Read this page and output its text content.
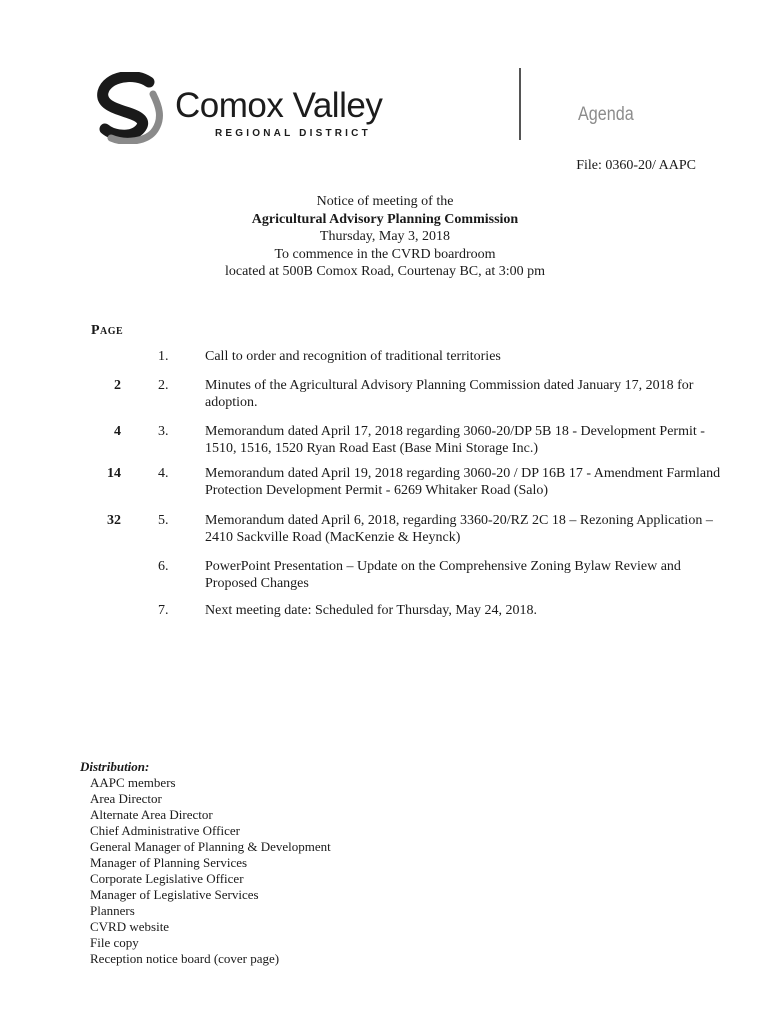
Comox Valley
REGIONAL DISTRICT
Agenda
File: 0360-20/ AAPC
Notice of meeting of the
Agricultural Advisory Planning Commission
Thursday, May 3, 2018
To commence in the CVRD boardroom
located at 500B Comox Road, Courtenay BC, at 3:00 pm
Page
1.	Call to order and recognition of traditional territories
2	2.	Minutes of the Agricultural Advisory Planning Commission dated January 17, 2018 for adoption.
4	3.	Memorandum dated April 17, 2018 regarding 3060-20/DP 5B 18 - Development Permit - 1510, 1516, 1520 Ryan Road East (Base Mini Storage Inc.)
14	4.	Memorandum dated April 19, 2018 regarding 3060-20 / DP 16B 17 - Amendment Farmland Protection Development Permit - 6269 Whitaker Road (Salo)
32	5.	Memorandum dated April 6, 2018, regarding 3360-20/RZ 2C 18 – Rezoning Application – 2410 Sackville Road (MacKenzie & Heynck)
6.	PowerPoint Presentation – Update on the Comprehensive Zoning Bylaw Review and Proposed Changes
7.	Next meeting date: Scheduled for Thursday, May 24, 2018.
Distribution:
AAPC members
Area Director
Alternate Area Director
Chief Administrative Officer
General Manager of Planning & Development
Manager of Planning Services
Corporate Legislative Officer
Manager of Legislative Services
Planners
CVRD website
File copy
Reception notice board (cover page)
